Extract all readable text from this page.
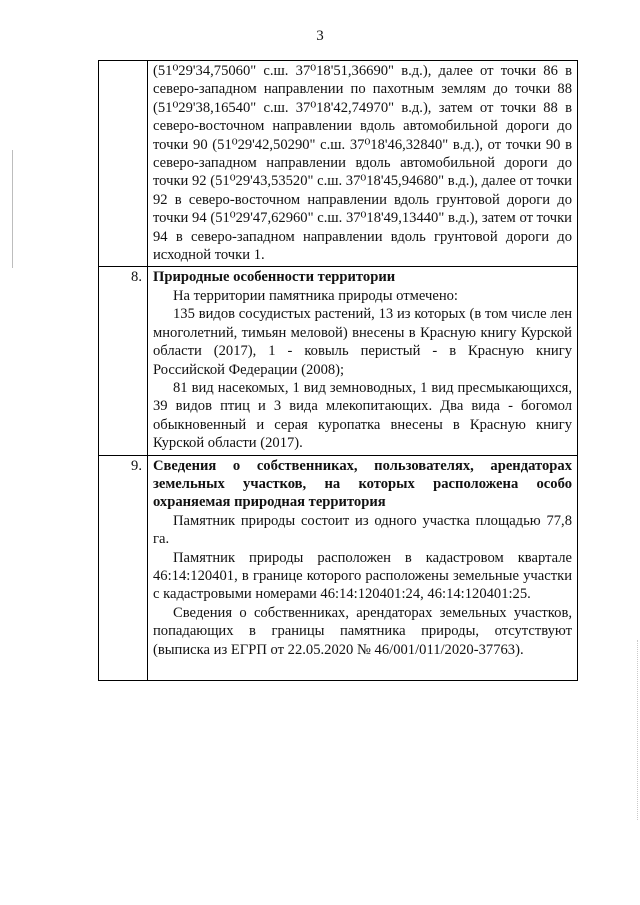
3

	(51⁰29'34,75060" с.ш. 37⁰18'51,36690" в.д.), далее от точки 86 в северо-западном направлении по пахотным землям до точки 88 (51⁰29'38,16540" с.ш. 37⁰18'42,74970" в.д.), затем от точки 88 в северо-восточном направлении вдоль автомобильной дороги до точки 90 (51⁰29'42,50290" с.ш. 37⁰18'46,32840" в.д.), от точки 90 в северо-западном направлении вдоль автомобильной дороги до точки 92 (51⁰29'43,53520" с.ш. 37⁰18'45,94680" в.д.), далее от точки 92 в северо-восточном направлении вдоль грунтовой дороги до точки 94 (51⁰29'47,62960" с.ш. 37⁰18'49,13440" в.д.), затем от точки 94 в северо-западном направлении вдоль грунтовой дороги до исходной точки 1.

8.	Природные особенности территории

На территории памятника природы отмечено:

135 видов сосудистых растений, 13 из которых (в том числе лен многолетний, тимьян меловой) внесены в Красную книгу Курской области (2017), 1 - ковыль перистый - в Красную книгу Российской Федерации (2008);

81 вид насекомых, 1 вид земноводных, 1 вид пресмыкающихся, 39 видов птиц и 3 вида млекопитающих. Два вида - богомол обыкновенный и серая куропатка внесены в Красную книгу Курской области (2017).

9.	Сведения о собственниках, пользователях, арендаторах земельных участков, на которых расположена особо охраняемая природная территория

Памятник природы состоит из одного участка площадью 77,8 га.

Памятник природы расположен в кадастровом квартале 46:14:120401, в границе которого расположены земельные участки с кадастровыми номерами 46:14:120401:24, 46:14:120401:25.

Сведения о собственниках, арендаторах земельных участков, попадающих в границы памятника природы, отсутствуют (выписка из ЕГРП от 22.05.2020 № 46/001/011/2020-37763).
